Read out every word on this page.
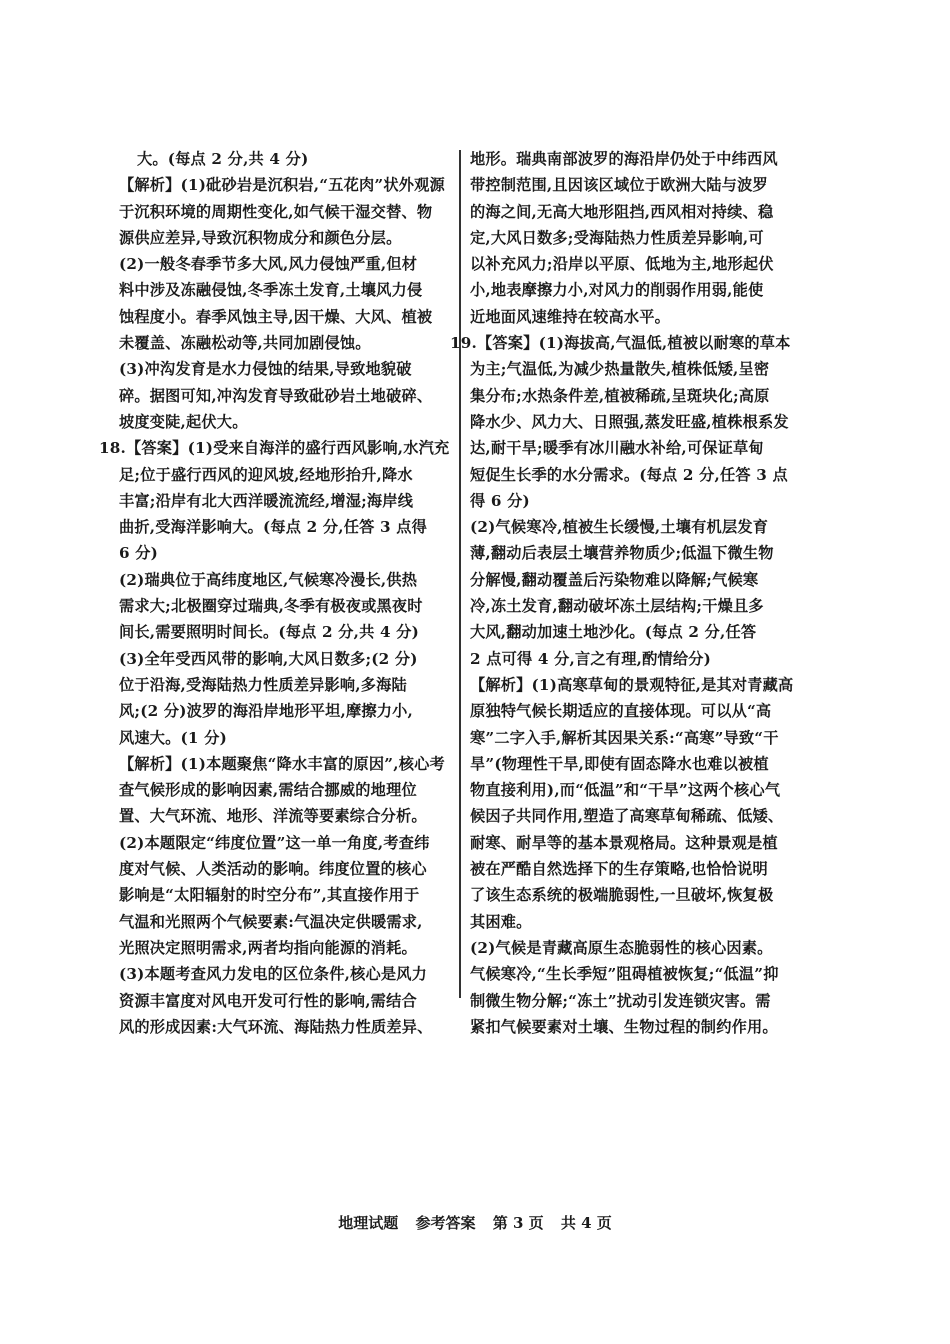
大。(每点 2 分,共 4 分)
【解析】(1)砒砂岩是沉积岩,“五花肉”状外观源
于沉积环境的周期性变化,如气候干湿交替、物
源供应差异,导致沉积物成分和颜色分层。
(2)一般冬春季节多大风,风力侵蚀严重,但材
料中涉及冻融侵蚀,冬季冻土发育,土壤风力侵
蚀程度小。春季风蚀主导,因干燥、大风、植被
未覆盖、冻融松动等,共同加剧侵蚀。
(3)冲沟发育是水力侵蚀的结果,导致地貌破
碎。据图可知,冲沟发育导致砒砂岩土地破碎、
坡度变陡,起伏大。
18.【答案】(1)受来自海洋的盛行西风影响,水汽充
足;位于盛行西风的迎风坡,经地形抬升,降水
丰富;沿岸有北大西洋暖流流经,增湿;海岸线
曲折,受海洋影响大。(每点 2 分,任答 3 点得
6 分)
(2)瑞典位于高纬度地区,气候寒冷漫长,供热
需求大;北极圈穿过瑞典,冬季有极夜或黑夜时
间长,需要照明时间长。(每点 2 分,共 4 分)
(3)全年受西风带的影响,大风日数多;(2 分)
位于沿海,受海陆热力性质差异影响,多海陆
风;(2 分)波罗的海沿岸地形平坦,摩擦力小,
风速大。(1 分)
【解析】(1)本题聚焦“降水丰富的原因”,核心考
查气候形成的影响因素,需结合挪威的地理位
置、大气环流、地形、洋流等要素综合分析。
(2)本题限定“纬度位置”这一单一角度,考查纬
度对气候、人类活动的影响。纬度位置的核心
影响是“太阳辐射的时空分布”,其直接作用于
气温和光照两个气候要素:气温决定供暖需求,
光照决定照明需求,两者均指向能源的消耗。
(3)本题考查风力发电的区位条件,核心是风力
资源丰富度对风电开发可行性的影响,需结合
风的形成因素:大气环流、海陆热力性质差异、
地形。瑞典南部波罗的海沿岸仍处于中纬西风
带控制范围,且因该区域位于欧洲大陆与波罗
的海之间,无高大地形阻挡,西风相对持续、稳
定,大风日数多;受海陆热力性质差异影响,可
以补充风力;沿岸以平原、低地为主,地形起伏
小,地表摩擦力小,对风力的削弱作用弱,能使
近地面风速维持在较高水平。
19.【答案】(1)海拔高,气温低,植被以耐寒的草本
为主;气温低,为减少热量散失,植株低矮,呈密
集分布;水热条件差,植被稀疏,呈斑块化;高原
降水少、风力大、日照强,蒸发旺盛,植株根系发
达,耐干旱;暖季有冰川融水补给,可保证草甸
短促生长季的水分需求。(每点 2 分,任答 3 点
得 6 分)
(2)气候寒冷,植被生长缓慢,土壤有机层发育
薄,翻动后表层土壤营养物质少;低温下微生物
分解慢,翻动覆盖后污染物难以降解;气候寒
冷,冻土发育,翻动破坏冻土层结构;干燥且多
大风,翻动加速土地沙化。(每点 2 分,任答
2 点可得 4 分,言之有理,酌情给分)
【解析】(1)高寒草甸的景观特征,是其对青藏高
原独特气候长期适应的直接体现。可以从“高
寒”二字入手,解析其因果关系:“高寒”导致“干
旱”(物理性干旱,即使有固态降水也难以被植
物直接利用),而“低温”和“干旱”这两个核心气
候因子共同作用,塑造了高寒草甸稀疏、低矮、
耐寒、耐旱等的基本景观格局。这种景观是植
被在严酷自然选择下的生存策略,也恰恰说明
了该生态系统的极端脆弱性,一旦破坏,恢复极
其困难。
(2)气候是青藏高原生态脆弱性的核心因素。
气候寒冷,“生长季短”阻碍植被恢复;“低温”抑
制微生物分解;“冻土”扰动引发连锁灾害。需
紧扣气候要素对土壤、生物过程的制约作用。
地理试题 参考答案 第 3 页 共 4 页
